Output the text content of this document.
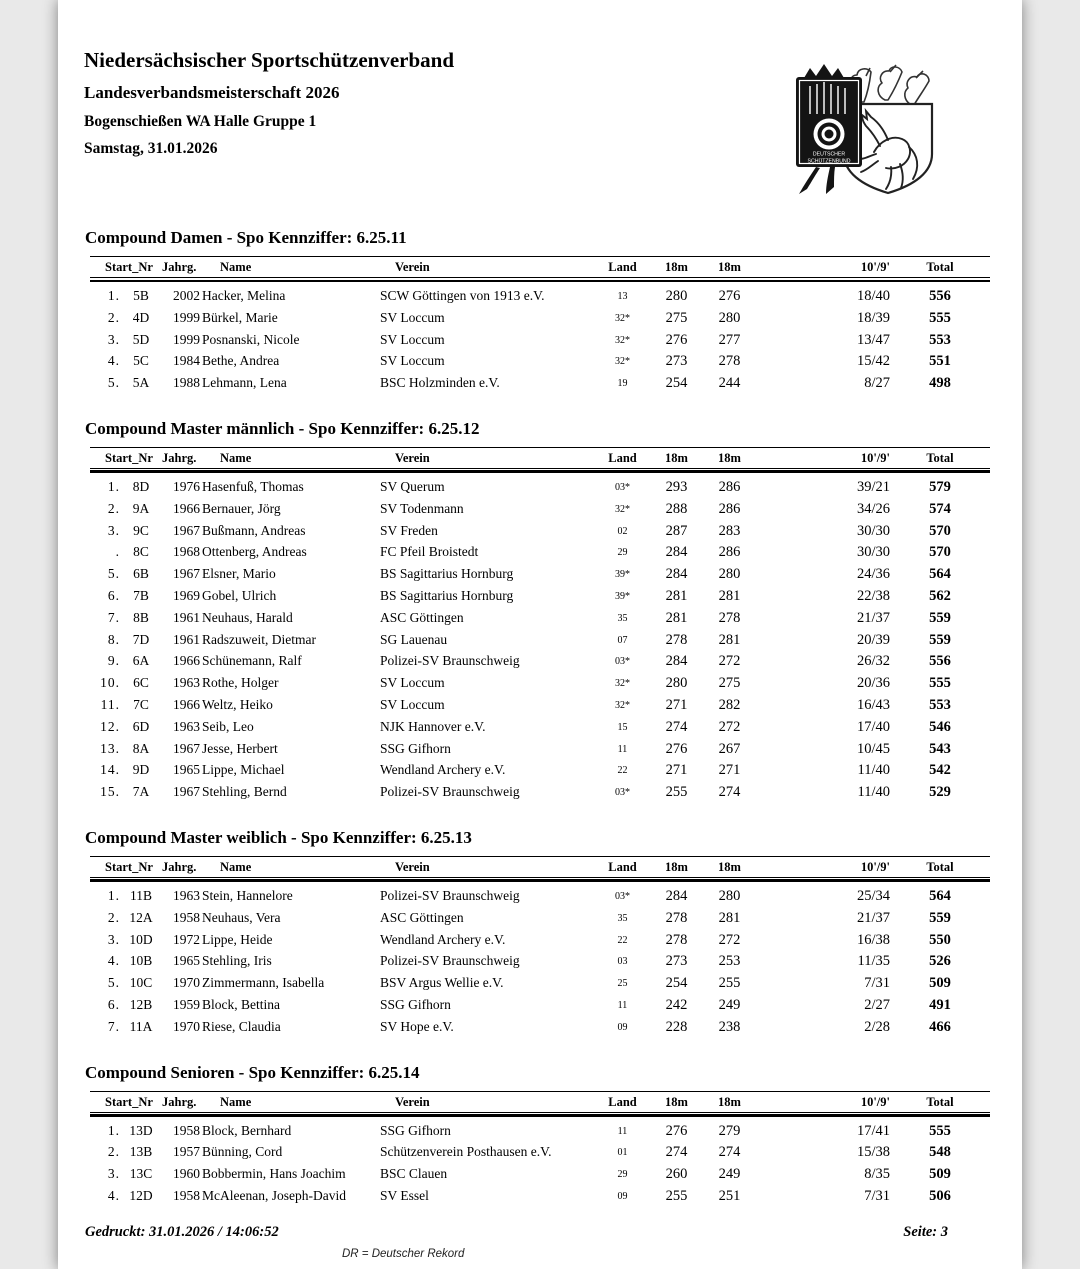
Niedersächsischer Sportschützenverband
Landesverbandsmeisterschaft 2026
Bogenschießen WA Halle Gruppe 1
Samstag, 31.01.2026	DEUTSCHER
SCHÜTZENBUND
Compound Damen - Spo Kennziffer: 6.25.11
Start_Nr Jahrg.	Name	Verein	Land	18m	18m	10'/9'	Total
1. 5B	2002 Hacker, Melina	SCW Göttingen von 1913 e.V.	13	280	276	18/40	556
2. 4D	1999 Bürkel, Marie	SV Loccum	32*	275	280	18/39	555
3. 5D	1999 Posnanski, Nicole	SV Loccum	32*	276	277	13/47	553
4. 5C	1984 Bethe, Andrea	SV Loccum	32*	273	278	15/42	551
5. 5A	1988 Lehmann, Lena	BSC Holzminden e.V.	19	254	244	8/27	498
Compound Master männlich - Spo Kennziffer: 6.25.12
Start_Nr Jahrg.	Name	Verein	Land	18m	18m	10'/9'	Total
1. 8D	1976 Hasenfuß, Thomas	SV Querum	03*	293	286	39/21	579
2. 9A	1966 Bernauer, Jörg	SV Todenmann	32*	288	286	34/26	574
3. 9C	1967 Bußmann, Andreas	SV Freden	02	287	283	30/30	570
. 8C	1968 Ottenberg, Andreas	FC Pfeil Broistedt	29	284	286	30/30	570
5. 6B	1967 Elsner, Mario	BS Sagittarius Hornburg	39*	284	280	24/36	564
6. 7B	1969 Gobel, Ulrich	BS Sagittarius Hornburg	39*	281	281	22/38	562
7. 8B	1961 Neuhaus, Harald	ASC Göttingen	35	281	278	21/37	559
8. 7D	1961 Radszuweit, Dietmar	SG Lauenau	07	278	281	20/39	559
9. 6A	1966 Schünemann, Ralf	Polizei-SV Braunschweig	03*	284	272	26/32	556
10. 6C	1963 Rothe, Holger	SV Loccum	32*	280	275	20/36	555
11. 7C	1966 Weltz, Heiko	SV Loccum	32*	271	282	16/43	553
12. 6D	1963 Seib, Leo	NJK Hannover e.V.	15	274	272	17/40	546
13. 8A	1967 Jesse, Herbert	SSG Gifhorn	11	276	267	10/45	543
14. 9D	1965 Lippe, Michael	Wendland Archery e.V.	22	271	271	11/40	542
15. 7A	1967 Stehling, Bernd	Polizei-SV Braunschweig	03*	255	274	11/40	529
Compound Master weiblich - Spo Kennziffer: 6.25.13
Start_Nr Jahrg.	Name	Verein	Land	18m	18m	10'/9'	Total
1. 11B	1963 Stein, Hannelore	Polizei-SV Braunschweig	03*	284	280	25/34	564
2. 12A	1958 Neuhaus, Vera	ASC Göttingen	35	278	281	21/37	559
3. 10D	1972 Lippe, Heide	Wendland Archery e.V.	22	278	272	16/38	550
4. 10B	1965 Stehling, Iris	Polizei-SV Braunschweig	03	273	253	11/35	526
5. 10C	1970 Zimmermann, Isabella	BSV Argus Wellie e.V.	25	254	255	7/31	509
6. 12B	1959 Block, Bettina	SSG Gifhorn	11	242	249	2/27	491
7. 11A	1970 Riese, Claudia	SV Hope e.V.	09	228	238	2/28	466
Compound Senioren - Spo Kennziffer: 6.25.14
Start_Nr Jahrg.	Name	Verein	Land	18m	18m	10'/9'	Total
1. 13D	1958 Block, Bernhard	SSG Gifhorn	11	276	279	17/41	555
2. 13B	1957 Bünning, Cord	Schützenverein Posthausen e.V.	01	274	274	15/38	548
3. 13C	1960 Bobbermin, Hans Joachim	BSC Clauen	29	260	249	8/35	509
4. 12D	1958 McAleenan, Joseph-David	SV Essel	09	255	251	7/31	506
Gedruckt: 31.01.2026 / 14:06:52	Seite: 3
DR = Deutscher Rekord
